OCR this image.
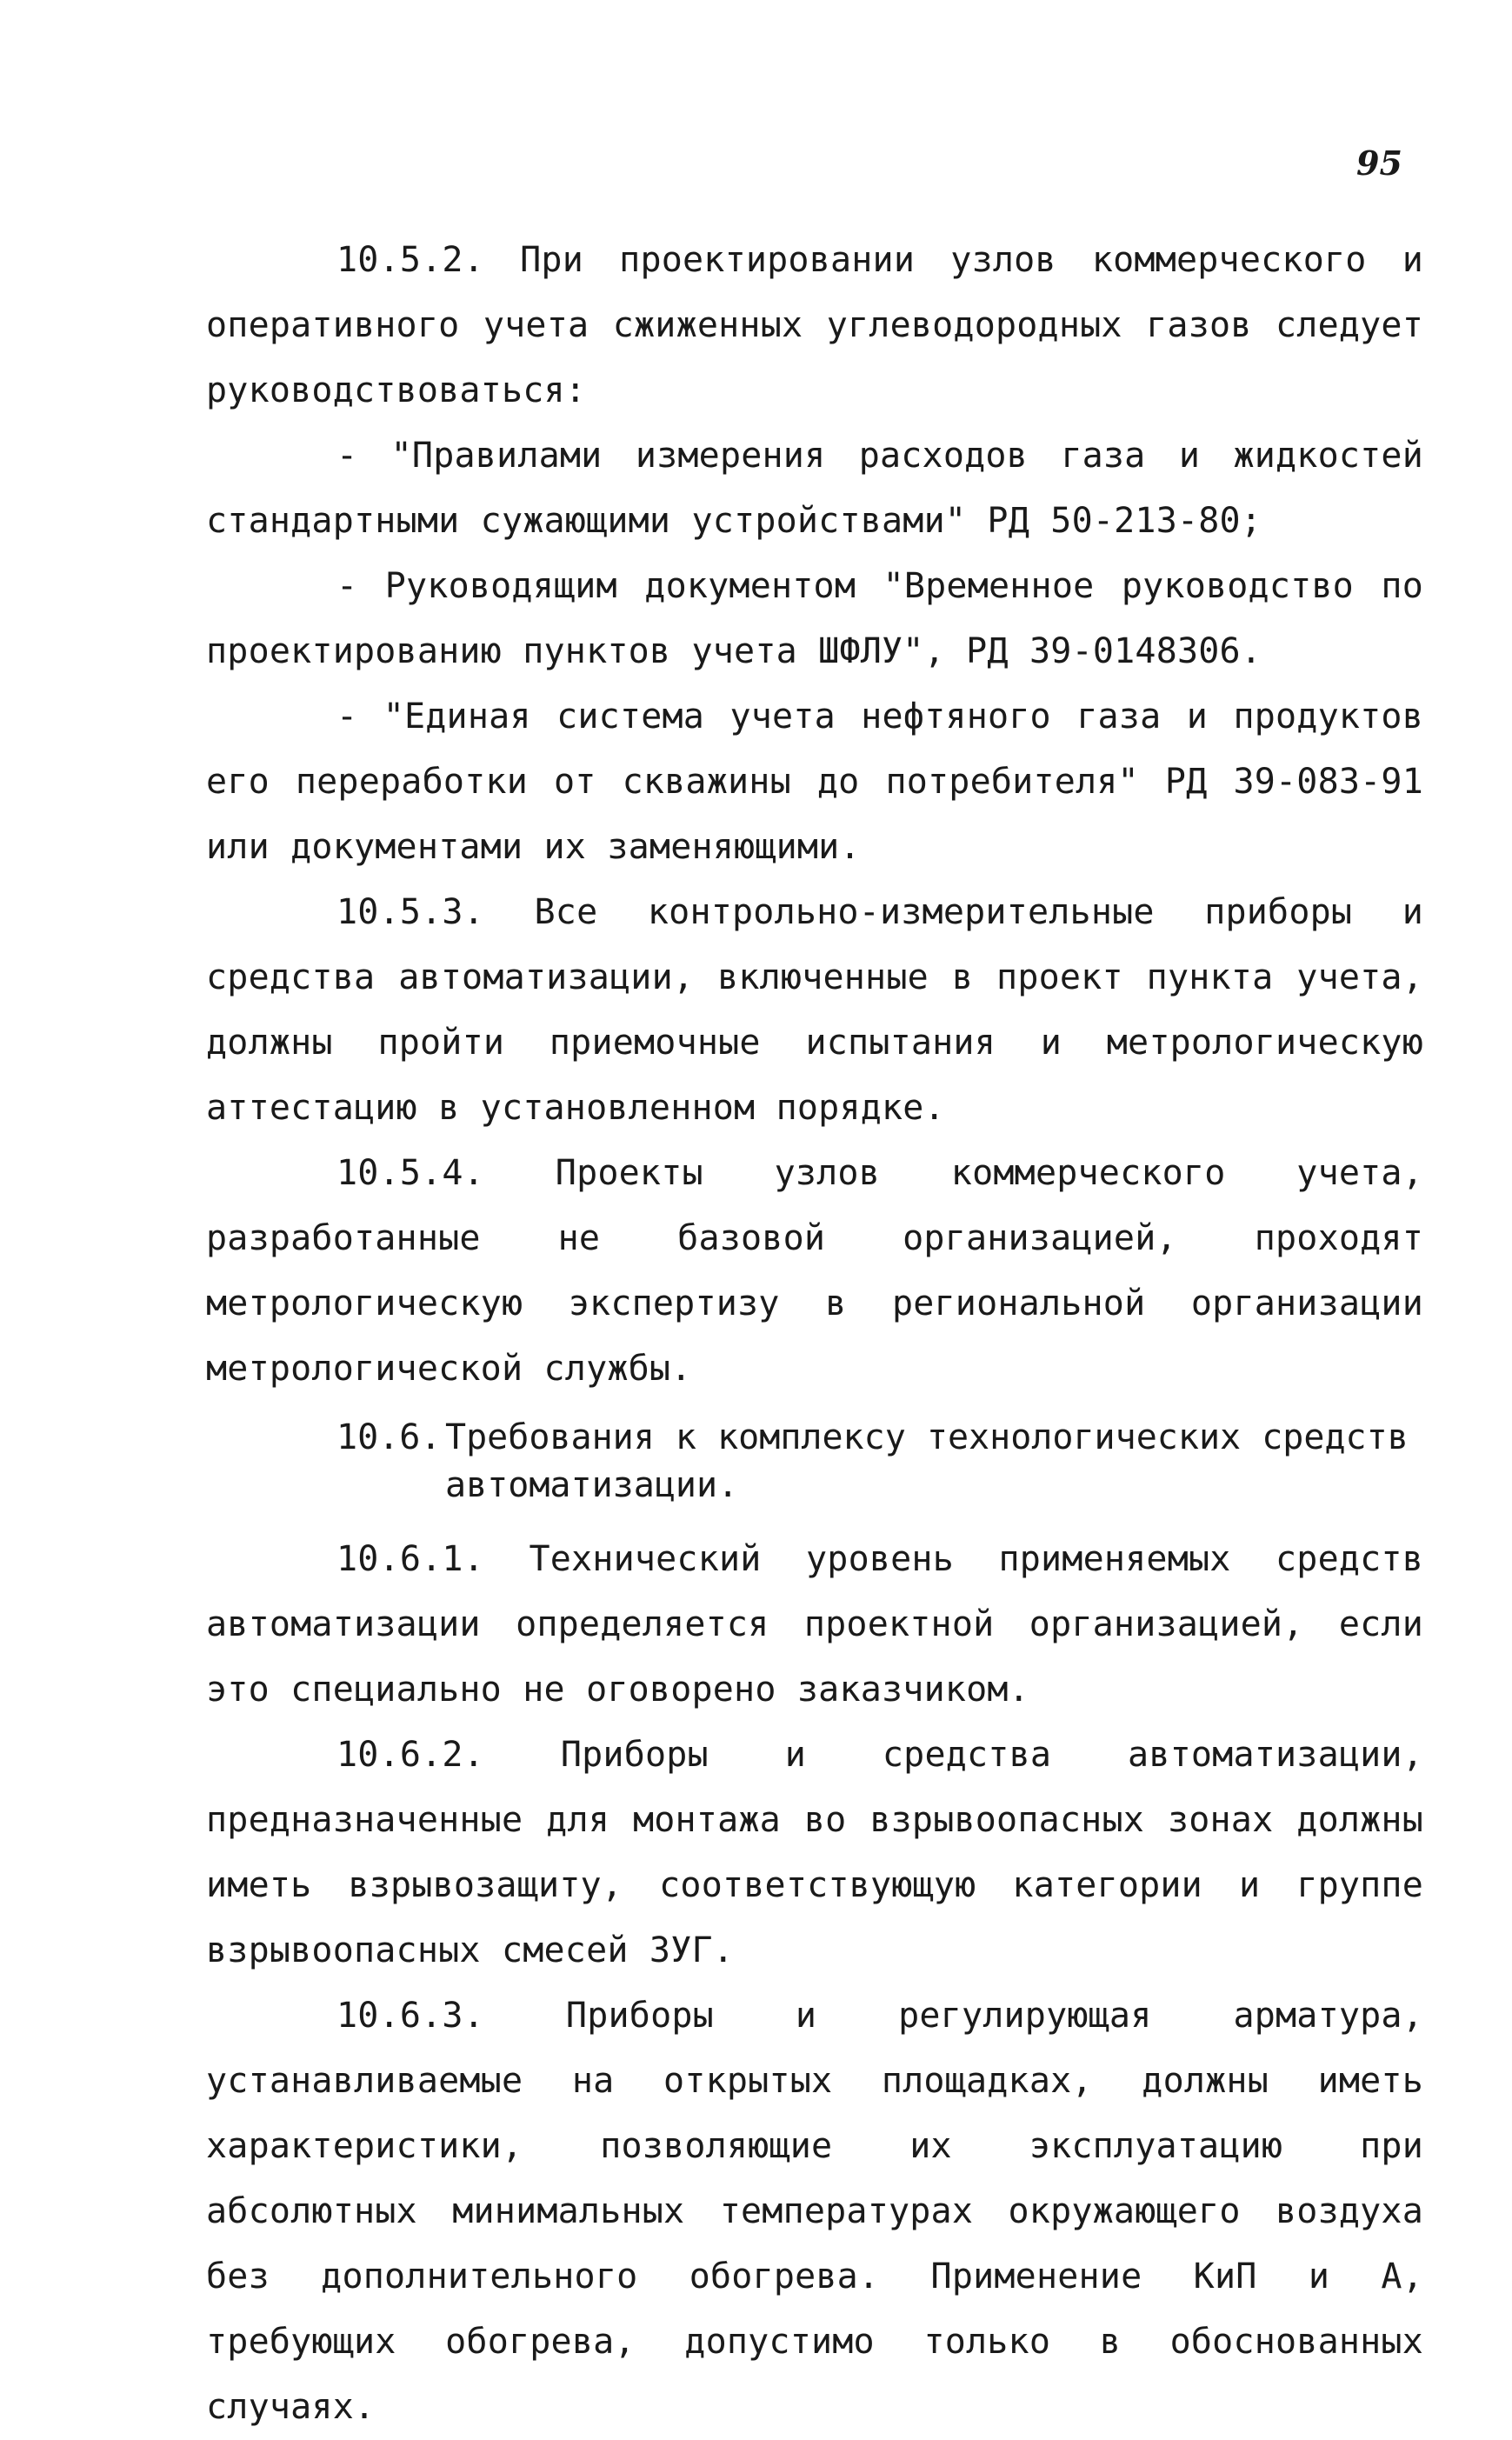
95

10.5.2. При проектировании узлов коммерческого и оперативного учета сжиженных углеводородных газов следует руководствоваться:

- "Правилами измерения расходов газа и жидкостей стандартными сужающими устройствами" РД 50-213-80;

- Руководящим документом "Временное руководство по проектированию пунктов учета ШФЛУ", РД 39-0148306.

- "Единая система учета нефтяного газа и продуктов его переработки от скважины до потребителя" РД 39-083-91 или документами их заменяющими.

10.5.3. Все контрольно-измерительные приборы и средства автоматизации, включенные в проект пункта учета, должны пройти приемочные испытания и метрологическую аттестацию в установленном порядке.

10.5.4. Проекты узлов коммерческого учета, разработанные не базовой организацией, проходят метрологическую экспертизу в региональной организации метрологической службы.

10.6. Требования к комплексу технологических средств автоматизации.

10.6.1. Технический уровень применяемых средств автоматизации определяется проектной организацией, если это специально не оговорено заказчиком.

10.6.2. Приборы и средства автоматизации, предназначенные для монтажа во взрывоопасных зонах должны иметь взрывозащиту, соответствующую категории и группе взрывоопасных смесей ЗУГ.

10.6.3. Приборы и регулирующая арматура, устанавливаемые на открытых площадках, должны иметь характеристики, позволяющие их эксплуатацию при абсолютных минимальных температурах окружающего воздуха без дополнительного обогрева. Применение КиП и А, требующих обогрева, допустимо только в обоснованных случаях.
